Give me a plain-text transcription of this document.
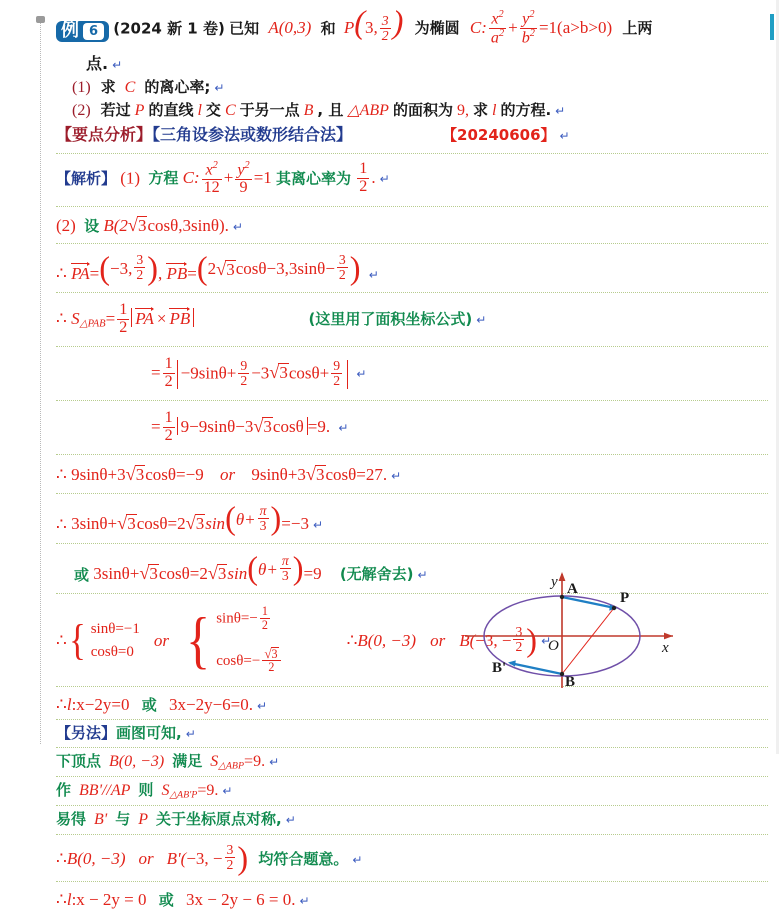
例 6	(2024 新 1 卷) 已知 A(0,3) 和 P(3, $\frac{3}{2}$ ) 为椭圆 C: $\frac{x^2}{a^2} + \frac{y^2}{b^2} =1(a>b>0)$ 上两
点. ↵
(1) 求 C 的离心率; ↵
(2) 若过 P 的直线 l 交 C 于另一点 B , 且 △ABP 的面积为 9, 求 l 的方程. ↵
【要点分析】【三角设参法或数形结合法】	【20240606】 ↵
【解析】 (1) 方程 C: $\frac{x^2}{12} + \frac{y^2}{9} =1$ 其离心率为 $\frac{1}{2}$ . ↵
(2) 设 B(2 √ 3 cosθ,3sinθ). ↵
∴ PA= ( −3, $\frac{3}{2}$ ) , PB= ( 2 √ 3 $\cos\theta-3,3\sin\theta- \frac{3}{2}$ ) ↵
∴ $S_{\triangle PAB}= \frac{1}{2}$ PA × PB	(这里用了面积坐标公式) ↵
= $\frac{1}{2} -9\sin\theta+ \frac{9}{2} -3$ √ 3 $\cos\theta+ \frac{9}{2}$ ↵
= $\frac{1}{2} 9-9\sin\theta-3$ √ 3 cosθ =9. ↵
∴ 9sinθ+3 √ 3 cosθ=−9 or 9sinθ+3 √ 3 cosθ=27. ↵
∴ 3sinθ+ √ 3 cosθ=2 √ 3 sin ( $\theta+ \frac{\pi}{3}$ ) =−3 ↵
或 3sinθ+ √ 3 cosθ=2 √ 3 sin ( $\theta+ \frac{\pi}{3}$ ) =9 (无解舍去) ↵
∴ { sinθ=−1
cosθ=0
or { $\sin\theta=- \frac{1}{2}$
$\cos\theta=- \frac{√ 3}{2}$
∴B(0, −3) or B( −3, − $\frac{3}{2}$ ) ↵
∴l:x−2y=0 或 3x−2y−6=0. ↵
【另法】画图可知, ↵
下顶点 B(0, −3) 满足 $S_{\triangle ABP}=9$. ↵
作 BB'//AP 则 $S_{\triangle AB'P}=9$. ↵
易得 B' 与 P 关于坐标原点对称, ↵
∴B(0, −3) or B'( −3, − $\frac{3}{2}$ ) 均符合题意。 ↵
∴l:x − 2y = 0 或 3x − 2y − 6 = 0. ↵
y
x
A
P
B
B'
O
